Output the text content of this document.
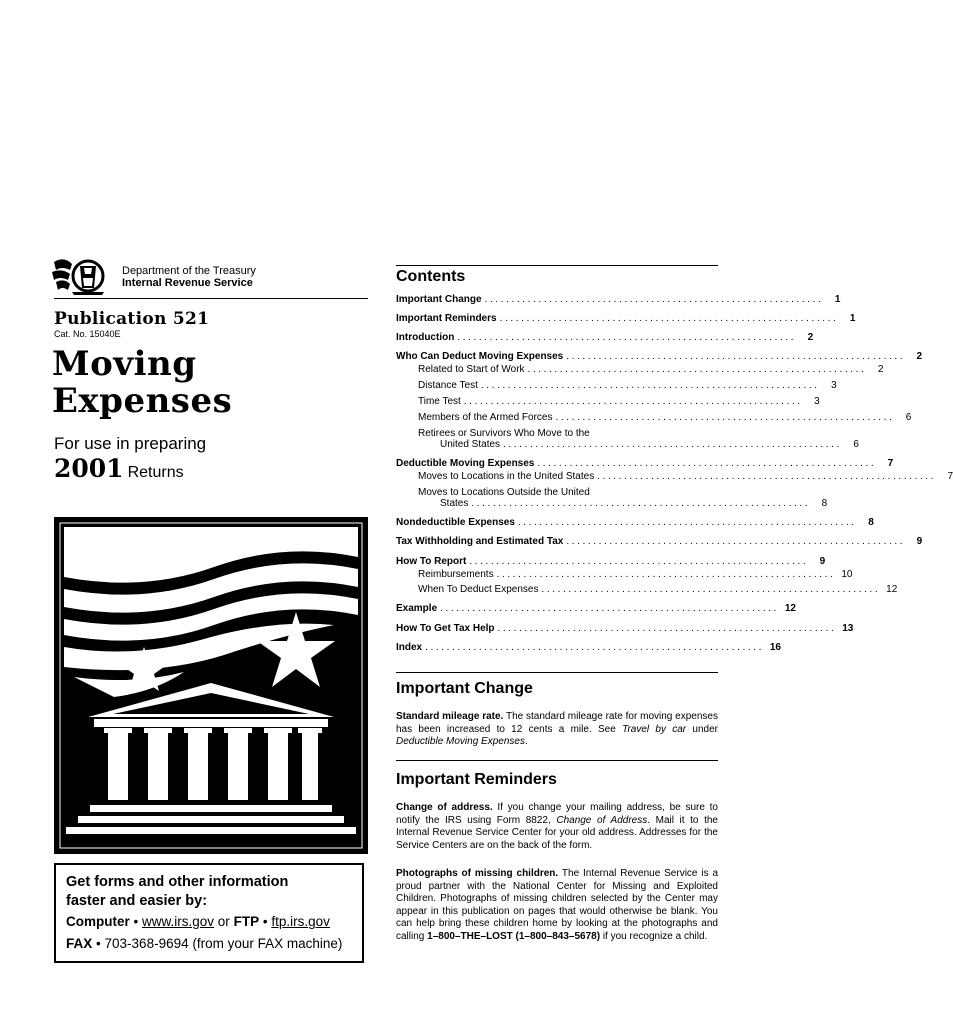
Department of the Treasury
Internal Revenue Service
Publication 521
Cat. No. 15040E
Moving
Expenses
For use in preparing
2001 Returns
Get forms and other information
faster and easier by:
Computer • www.irs.gov or FTP • ftp.irs.gov
FAX • 703-368-9694 (from your FAX machine)
Contents
Important Change ...............................................................	1
Important Reminders ...............................................................	1
Introduction ...............................................................	2
Who Can Deduct Moving Expenses ...............................................................	2
Related to Start of Work ...............................................................	2
Distance Test ...............................................................	3
Time Test ...............................................................	3
Members of the Armed Forces ...............................................................	6
Retirees or Survivors Who Move to the
United States ...............................................................	6
Deductible Moving Expenses ...............................................................	7
Moves to Locations in the United States ...............................................................	7
Moves to Locations Outside the United
States ...............................................................	8
Nondeductible Expenses ...............................................................	8
Tax Withholding and Estimated Tax ...............................................................	9
How To Report ...............................................................	9
Reimbursements ............................................................... 10
When To Deduct Expenses ............................................................... 12
Example ............................................................... 12
How To Get Tax Help ............................................................... 13
Index ............................................................... 16
Important Change
Standard mileage rate. The standard mileage rate for moving expenses has been increased to 12 cents a mile. See Travel by car under Deductible Moving Expenses.
Important Reminders
Change of address. If you change your mailing address, be sure to notify the IRS using Form 8822, Change of Address. Mail it to the Internal Revenue Service Center for your old address. Addresses for the Service Centers are on the back of the form.
Photographs of missing children. The Internal Revenue Service is a proud partner with the National Center for Missing and Exploited Children. Photographs of missing children selected by the Center may appear in this publication on pages that would otherwise be blank. You can help bring these children home by looking at the photographs and calling 1–800–THE–LOST (1–800–843–5678) if you recognize a child.
